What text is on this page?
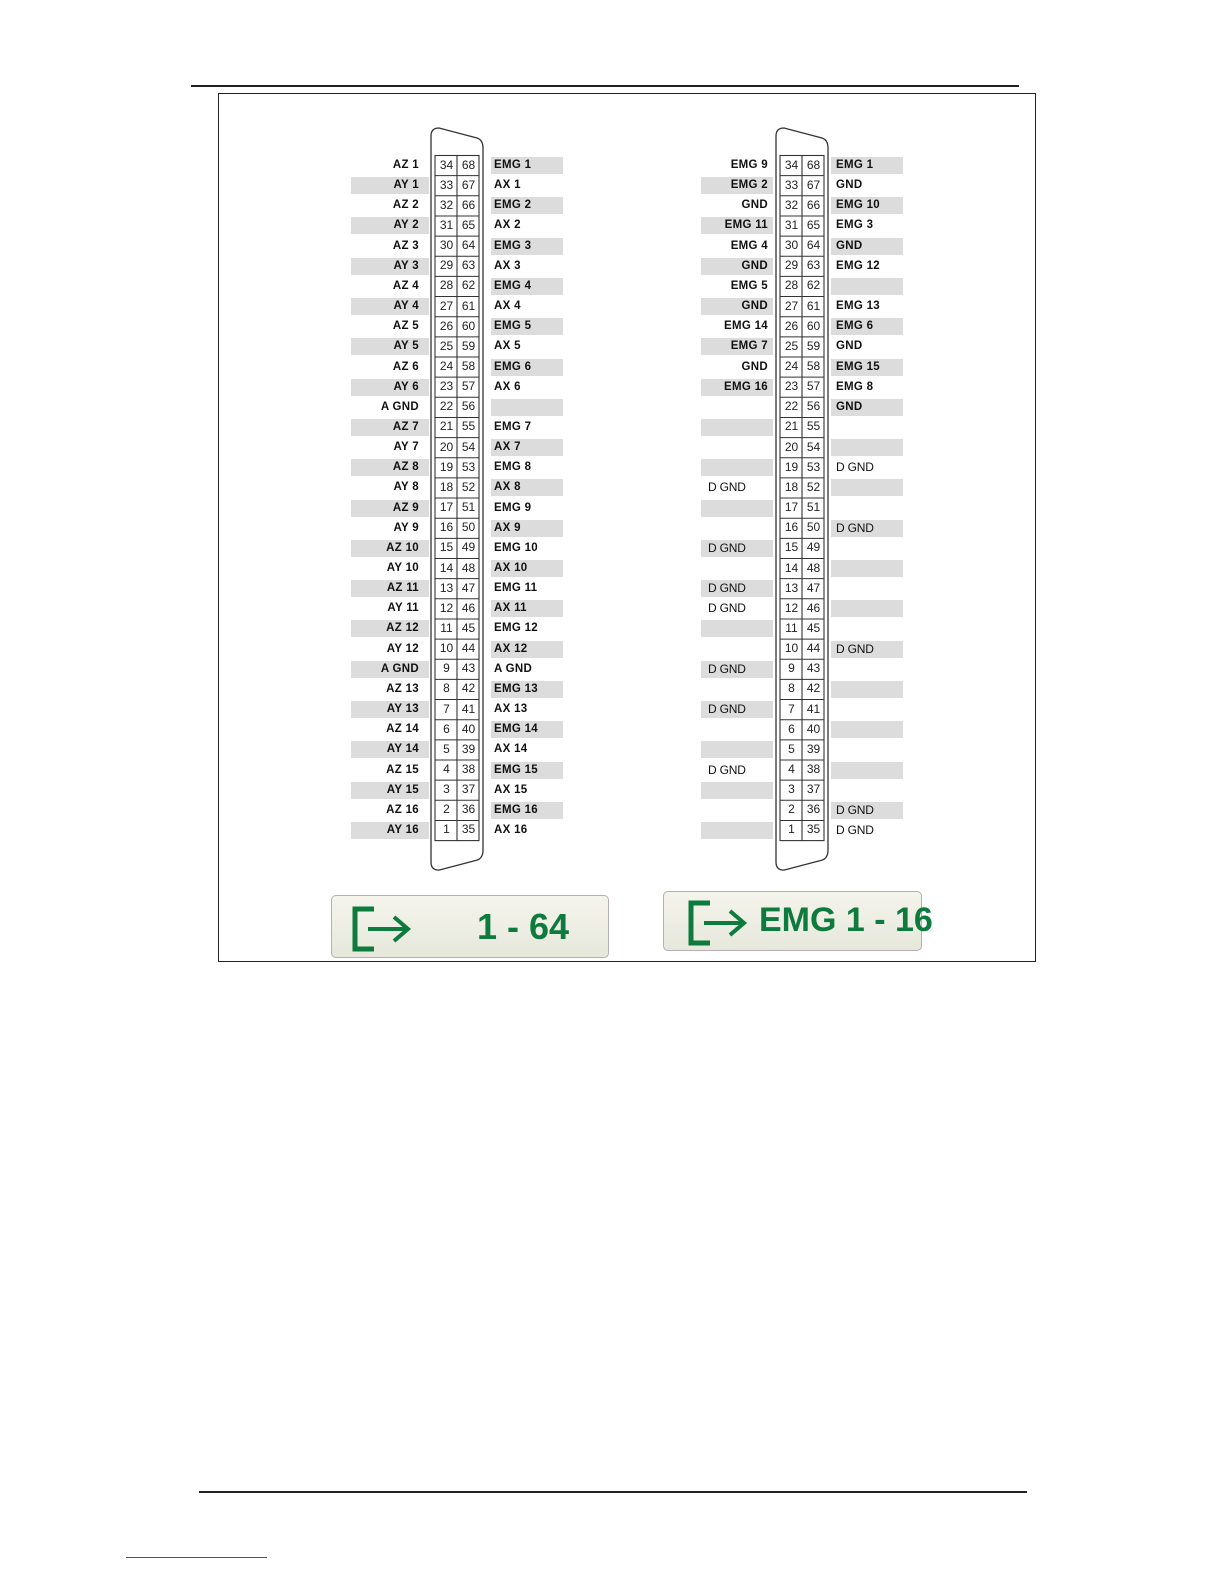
AZ 1	34 68	EMG 1
AY 1	33 67	AX 1
AZ 2	32 66	EMG 2
AY 2	31 65	AX 2
AZ 3	30 64	EMG 3
AY 3	29 63	AX 3
AZ 4	28 62	EMG 4
AY 4	27 61	AX 4
AZ 5	26 60	EMG 5
AY 5	25 59	AX 5
AZ 6	24 58	EMG 6
AY 6	23 57	AX 6
A GND	22 56
AZ 7	21 55	EMG 7
AY 7	20 54	AX 7
AZ 8	19 53	EMG 8
AY 8	18 52	AX 8
AZ 9	17 51	EMG 9
AY 9	16 50	AX 9
AZ 10	15 49	EMG 10
AY 10	14 48	AX 10
AZ 11	13 47	EMG 11
AY 11	12 46	AX 11
AZ 12	11 45	EMG 12
AY 12	10 44	AX 12
A GND	9 43	A GND
AZ 13	8 42	EMG 13
AY 13	7 41	AX 13
AZ 14	6 40	EMG 14
AY 14	5 39	AX 14
AZ 15	4 38	EMG 15
AY 15	3 37	AX 15
AZ 16	2 36	EMG 16
AY 16	1 35	AX 16
EMG 9	34 68	EMG 1
EMG 2	33 67	GND
GND	32 66	EMG 10
EMG 11	31 65	EMG 3
EMG 4	30 64	GND
GND	29 63	EMG 12
EMG 5	28 62
GND	27 61	EMG 13
EMG 14	26 60	EMG 6
EMG 7	25 59	GND
GND	24 58	EMG 15
EMG 16	23 57	EMG 8
22 56	GND
21 55
20 54
19 53	D GND
D GND	18 52
17 51
16 50	D GND
D GND	15 49
14 48
D GND	13 47
D GND	12 46
11 45
10 44	D GND
D GND	9 43
8 42
D GND	7 41
6 40
5 39
D GND	4 38
3 37
2 36	D GND
1 35	D GND
1 - 64	EMG 1 - 16
